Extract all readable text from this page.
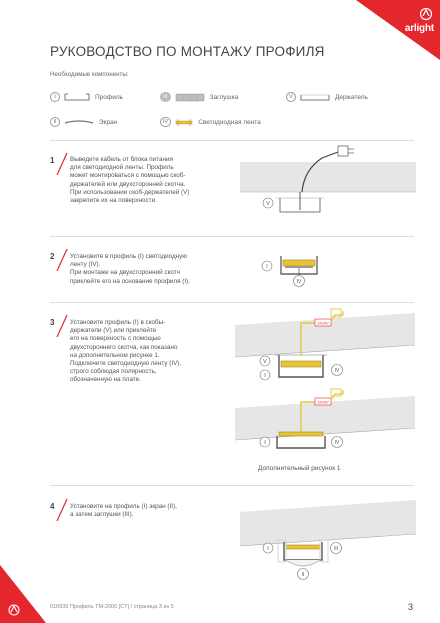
arlight
РУКОВОДСТВО ПО МОНТАЖУ ПРОФИЛЯ
Необходимые компоненты:
I	Профиль
II	Экран
III	Заглушка
IV	Светодиодная лента
V	Держатель
1 Выведите кабель от блока питания
для светодиодной ленты. Профиль
может монтироваться с помощью скоб-
держателей или двухсторонней скотча.
При использовании скоб-держателей (V)
закрепите их на поверхности.	V
2 Установите в профиль (I) светодиодную
ленту (IV).
При монтаже на двухсторонний скотч
приклейте его на основание профиля (I).
I
IV
3 Установите профиль (I) в скобы-
держатели (V) или приклейте
его на поверхность с помощью
двухстороннего скотча, как показано
на дополнительном рисунке 1.
Подключите светодиодную ленту (IV),
строго соблюдая полярность,
обозначенную на плате.
12/24V
V
I
IV
12/24V
I	IV
Дополнительный рисунок 1
4 Установите на профиль (I) экран (II),
а затем заглушки (III).
I
II
III
016939 Профиль TM-2000 [CT] / страница 3 из 5	3
